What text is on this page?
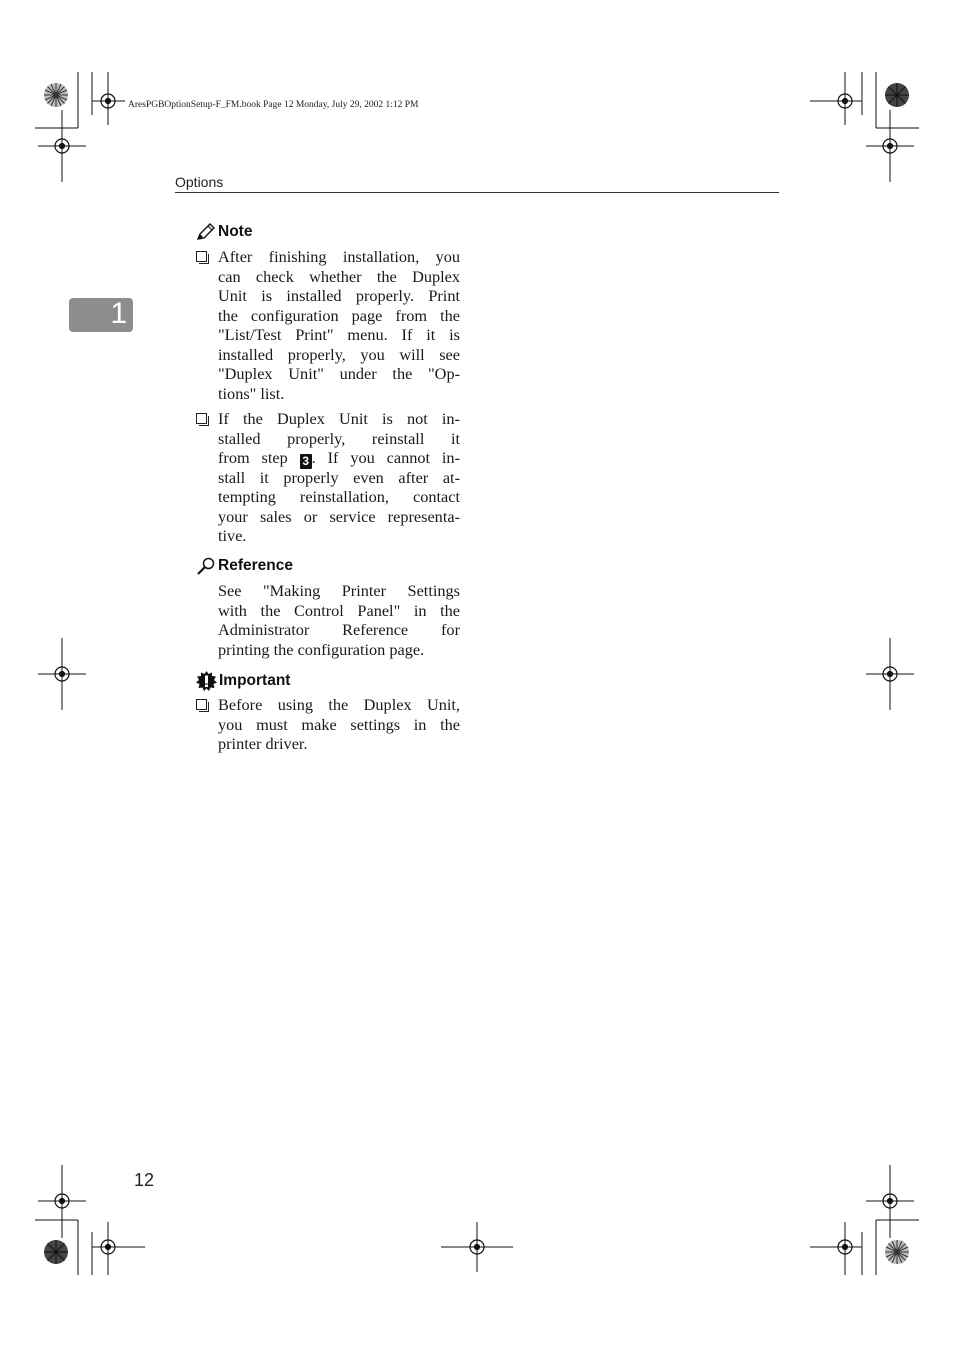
AresPGBOptionSetup-F_FM.book Page 12 Monday, July 29, 2002 1:12 PM
Options
1
Note
After finishing installation, you
can check whether the Duplex
Unit is installed properly. Print
the configuration page from the
"List/Test Print" menu. If it is
installed properly, you will see
"Duplex Unit" under the "Op-
tions" list.
If the Duplex Unit is not in-
stalled properly, reinstall it
from step 3 . If you cannot in-
stall it properly even after at-
tempting reinstallation, contact
your sales or service representa-
tive.
Reference
See "Making Printer Settings
with the Control Panel" in the
Administrator Reference for
printing the configuration page.
Important
Before using the Duplex Unit,
you must make settings in the
printer driver.
12
